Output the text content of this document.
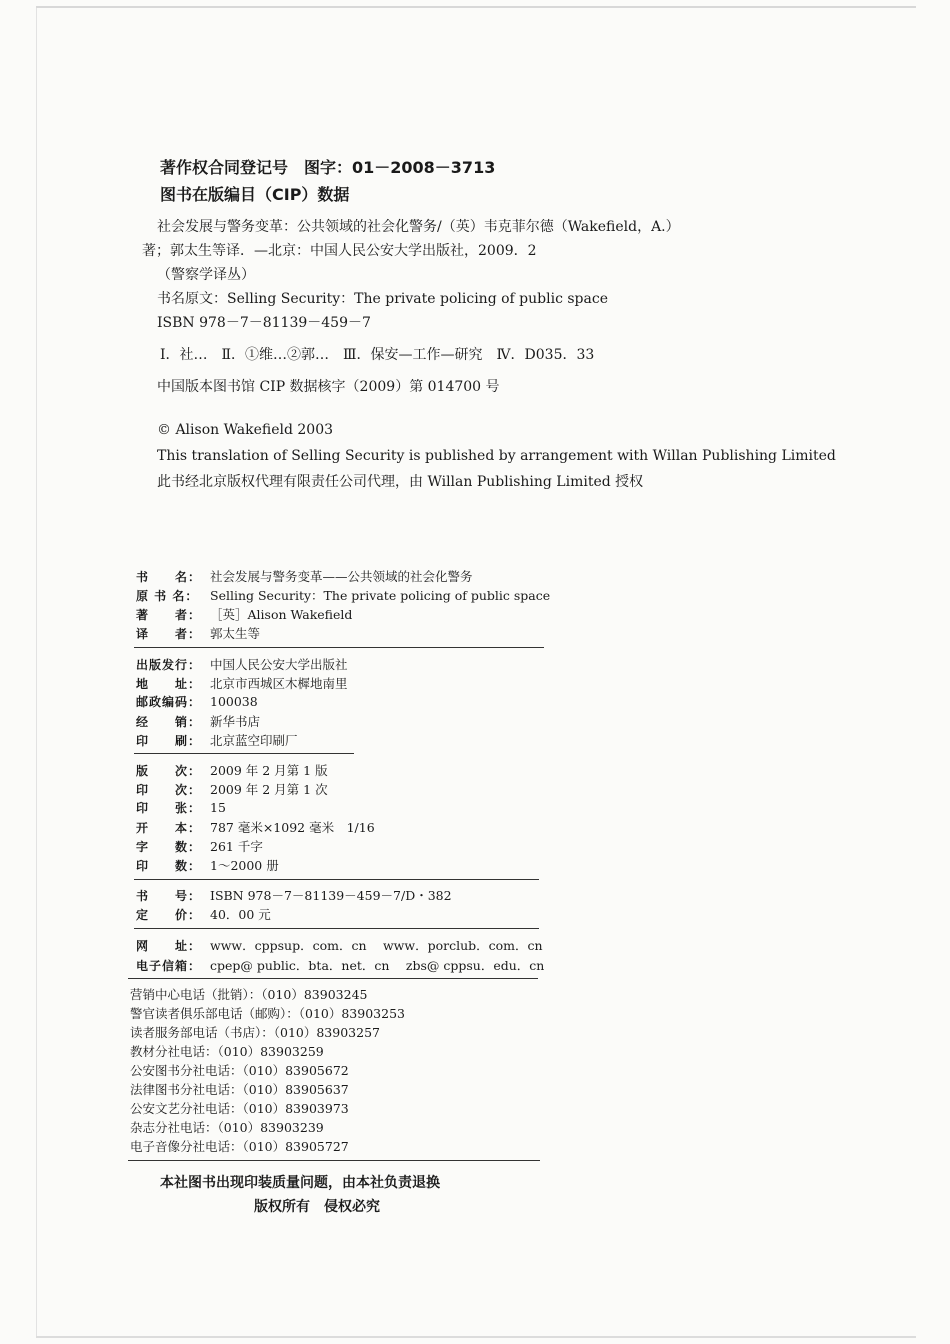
著作权合同登记号　图字：01－2008－3713
图书在版编目（CIP）数据
社会发展与警务变革：公共领域的社会化警务/（英）韦克菲尔德（Wakefield，A.）
著；郭太生等译．—北京：中国人民公安大学出版社，2009．2
（警察学译丛）
书名原文：Selling Security：The private policing of public space
ISBN 978－7－81139－459－7
Ⅰ．社…　Ⅱ．①维…②郭…　Ⅲ．保安—工作—研究　Ⅳ．D035．33
中国版本图书馆 CIP 数据核字（2009）第 014700 号
© Alison Wakefield 2003
This translation of Selling Security is published by arrangement with Willan Publishing Limited
此书经北京版权代理有限责任公司代理，由 Willan Publishing Limited 授权
书　　名： 社会发展与警务变革——公共领域的社会化警务
原 书 名： Selling Security：The private policing of public space
著　　者： ［英］Alison Wakefield
译　　者： 郭太生等
出版发行： 中国人民公安大学出版社
地　　址： 北京市西城区木樨地南里
邮政编码： 100038
经　　销： 新华书店
印　　刷： 北京蓝空印刷厂
版　　次： 2009 年 2 月第 1 版
印　　次： 2009 年 2 月第 1 次
印　　张： 15
开　　本： 787 毫米×1092 毫米　1/16
字　　数： 261 千字
印　　数： 1～2000 册
书　　号： ISBN 978－7－81139－459－7/D・382
定　　价： 40．00 元
网　　址： www．cppsup．com．cn　 www．porclub．com．cn
电子信箱： cpep@ public．bta．net．cn　 zbs@ cppsu．edu．cn
营销中心电话（批销）：（010）83903245
警官读者俱乐部电话（邮购）：（010）83903253
读者服务部电话（书店）：（010）83903257
教材分社电话：（010）83903259
公安图书分社电话：（010）83905672
法律图书分社电话：（010）83905637
公安文艺分社电话：（010）83903973
杂志分社电话：（010）83903239
电子音像分社电话：（010）83905727
本社图书出现印装质量问题，由本社负责退换
版权所有　侵权必究
